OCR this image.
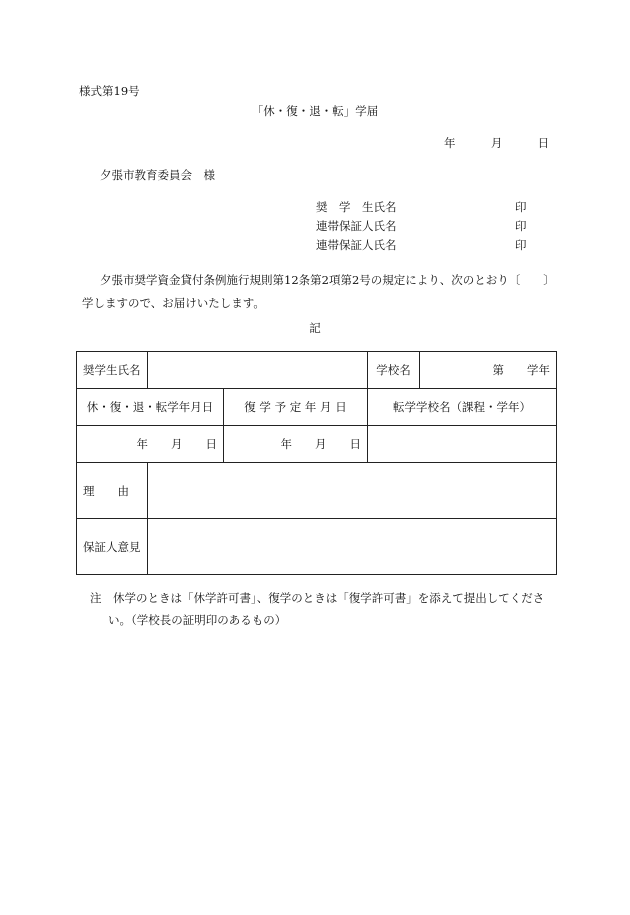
様式第19号
「休・復・退・転」学届
年	月	日
夕張市教育委員会　様
奨　学　生氏名	印
連帯保証人氏名	印
連帯保証人氏名	印
夕張市奨学資金貸付条例施行規則第12条第2項第2号の規定により、次のとおり〔　　〕
学しますので、お届けいたします。
記
奨学生氏名			学校名	第　　学年
休・復・退・転学年月日		復 学 予 定 年 月 日	転学学校名（課程・学年）	
年　　月　　日		年　　月　　日		
理　　由				
保証人意見				
注　休学のときは「休学許可書」、復学のときは「復学許可書」を添えて提出してくださ
い。（学校長の証明印のあるもの）
